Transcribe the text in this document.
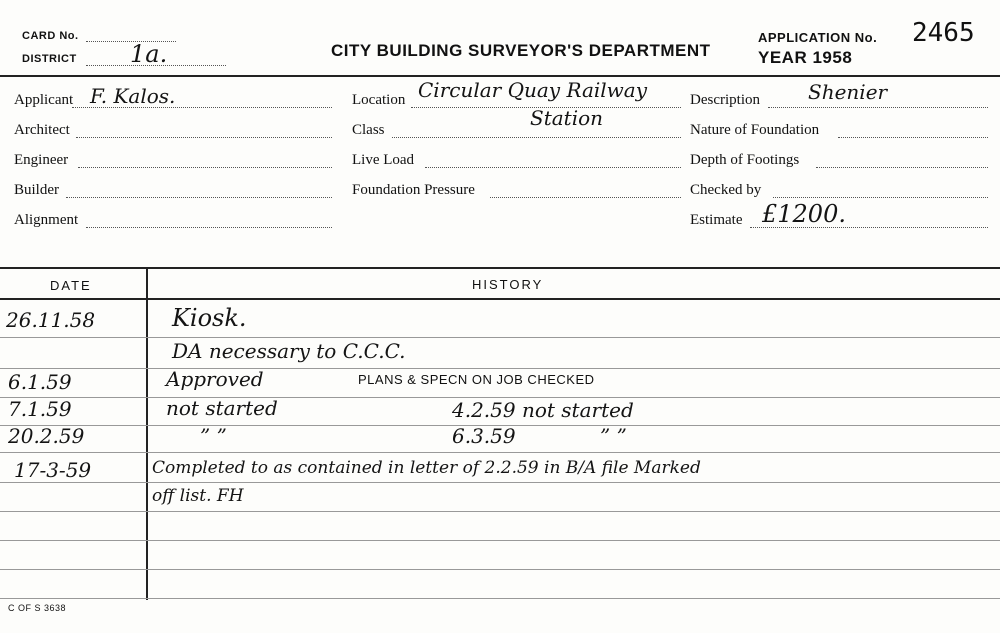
CARD No.
DISTRICT 1a.	CITY BUILDING SURVEYOR'S DEPARTMENT
APPLICATION No. 2465
YEAR 1958
Applicant F. Kalos.
Architect
Engineer
Builder
Alignment
Location Circular Quay Railway
Station
Class
Live Load
Foundation Pressure
Description Shenier
Nature of Foundation
Depth of Footings
Checked by
Estimate £1200.
DATE	HISTORY
26.11.58	Kiosk.
DA necessary to C.C.C.
6.1.59	Approved	PLANS & SPECN ON JOB CHECKED
7.1.59	not started	4.2.59 not started
20.2.59	” ”	6.3.59	” ”
17-3-59	Completed to as contained in letter of 2.2.59 in B/A file Marked
off list. FH
C OF S 3638
